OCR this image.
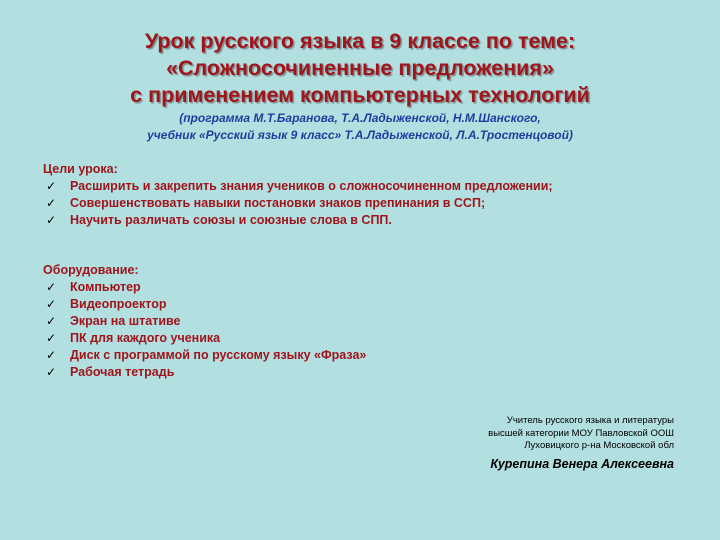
Урок русского языка в 9 классе по теме:
«Сложносочиненные предложения»
с применением компьютерных технологий
(программа М.Т.Баранова, Т.А.Ладыженской, Н.М.Шанского,
учебник «Русский язык 9 класс» Т.А.Ладыженской, Л.А.Тростенцовой)
Цели урока:
✓ Расширить и закрепить знания учеников о сложносочиненном предложении;
✓ Совершенствовать навыки постановки знаков препинания в ССП;
✓ Научить различать союзы и союзные слова в СПП.
Оборудование:
✓ Компьютер
✓ Видеопроектор
✓ Экран на штативе
✓ ПК для каждого ученика
✓ Диск с программой по русскому языку «Фраза»
✓ Рабочая тетрадь
Учитель русского языка и литературы
высшей категории МОУ Павловской ООШ
Луховицкого р-на Московской обл
Курепина Венера Алексеевна
